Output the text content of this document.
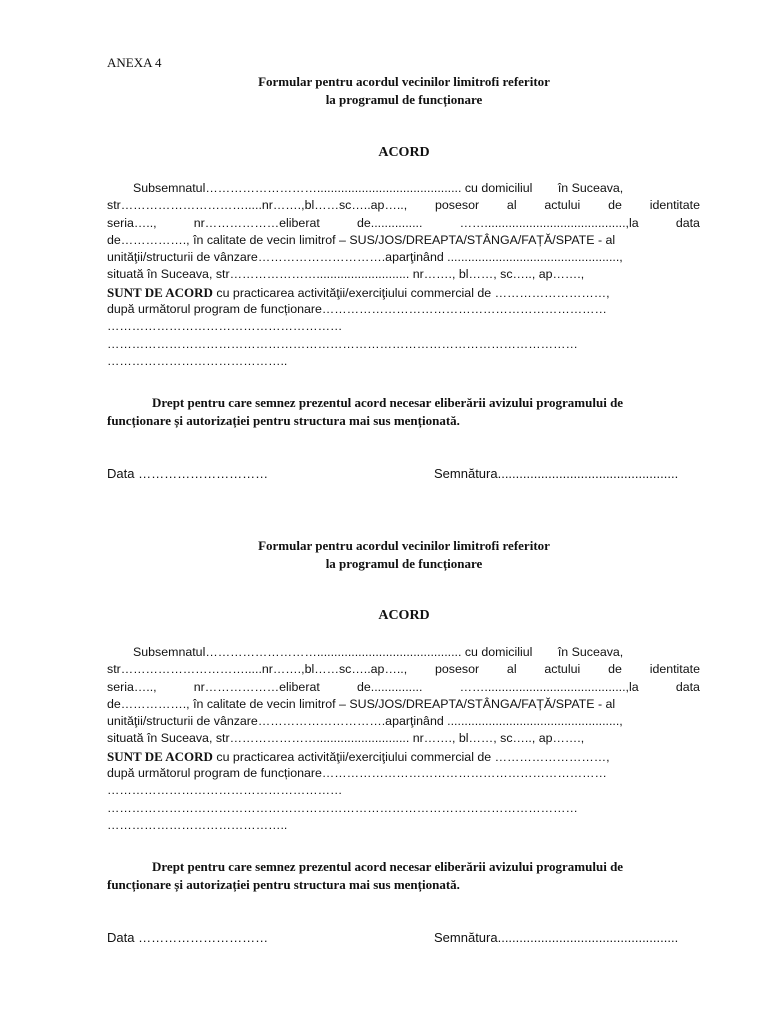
ANEXA 4
Formular pentru acordul vecinilor limitrofi referitor
la programul de funcționare
ACORD
Subsemnatul……………………….......................................... cu domiciliul în Suceava,
str………………………….....nr…….,bl……sc…..ap….., posesor al actului de identitate
seria…..,	nr………………eliberat	de...............	…….........................................,la	data
de……………., în calitate de vecin limitrof – SUS/JOS/DREAPTA/STÂNGA/FAȚĂ/SPATE - al
unităţii/structurii de vânzare………………………….aparţinând ..................................................,
situată în Suceava, str…………………........................... nr……., bl……, sc….., ap…….,
SUNT DE ACORD cu practicarea activităţii/exerciţiului commercial de ………………………,
după următorul program de funcționare……………………………………………………………
…………………………………………………
……………………………………………………………………………………………………
……………………………………..
Drept pentru care semnez prezentul acord necesar eliberării avizului programului de
funcționare și autorizației pentru structura mai sus menționată.
Data …………………………	Semnătura..................................................
Formular pentru acordul vecinilor limitrofi referitor
la programul de funcționare
ACORD
Subsemnatul……………………….......................................... cu domiciliul în Suceava,
str………………………….....nr…….,bl……sc…..ap….., posesor al actului de identitate
seria…..,	nr………………eliberat	de...............	…….........................................,la	data
de……………., în calitate de vecin limitrof – SUS/JOS/DREAPTA/STÂNGA/FAȚĂ/SPATE - al
unităţii/structurii de vânzare………………………….aparţinând ..................................................,
situată în Suceava, str…………………........................... nr……., bl……, sc….., ap…….,
SUNT DE ACORD cu practicarea activităţii/exerciţiului commercial de ………………………,
după următorul program de funcționare……………………………………………………………
…………………………………………………
……………………………………………………………………………………………………
……………………………………..
Drept pentru care semnez prezentul acord necesar eliberării avizului programului de
funcționare și autorizației pentru structura mai sus menționată.
Data …………………………	Semnătura..................................................
